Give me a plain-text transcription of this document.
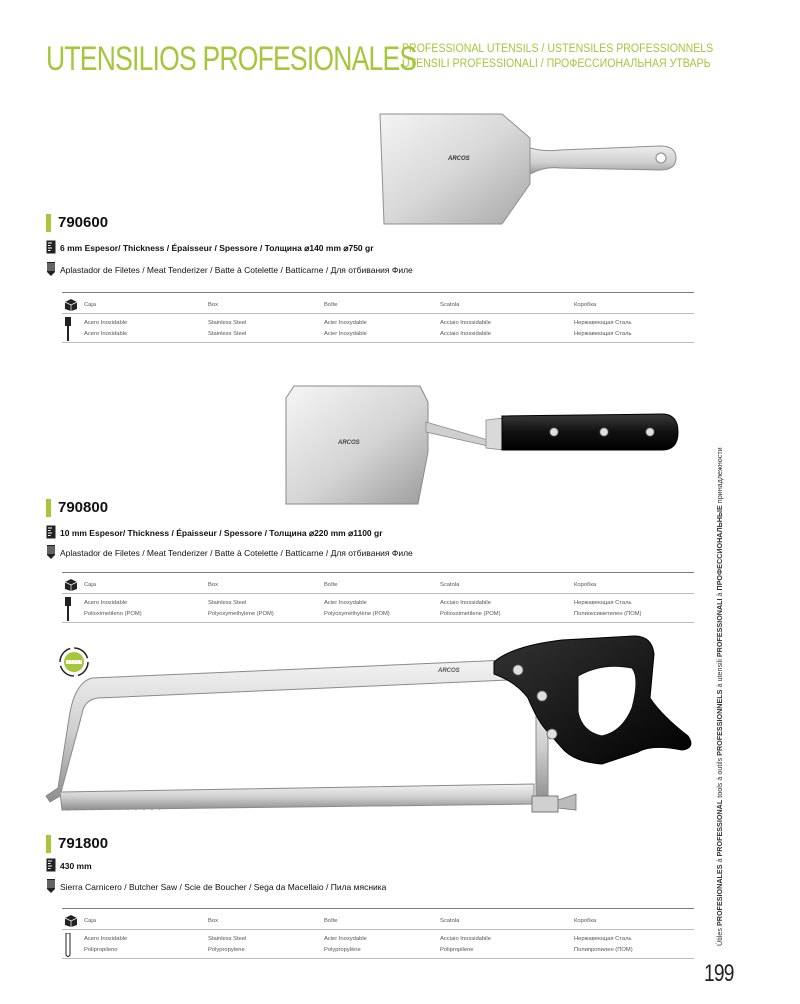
UTENSILIOS PROFESIONALES
PROFESSIONAL UTENSILS / USTENSILES PROFESSIONNELS
UTENSILI PROFESSIONALI / ПРОФЕССИОНАЛЬНАЯ УТВАРЬ
ARCOS
790600
6 mm Espesor/ Thickness / Épaisseur / Spessore / Толщина ⌀140 mm ⌀750 gr
Aplastador de Filetes / Meat Tenderizer / Batte à Cotelette / Batticarne / Для отбивания Филе
Caja	Box	Boîte	Scatola	Коробка
Acero Inoxidable	Stainless Steel	Acier Inoxydable	Acciaio Inossidabile	Нержавеющая Сталь
Acero Inoxidable	Stainless Steel	Acier Inoxydable	Acciaio Inossidabile	Нержавеющая Сталь
ARCOS
790800
10 mm Espesor/ Thickness / Épaisseur / Spessore / Толщина ⌀220 mm ⌀1100 gr
Aplastador de Filetes / Meat Tenderizer / Batte à Cotelette / Batticarne / Для отбивания Филе
Caja	Box	Boîte	Scatola	Коробка
Acero Inoxidable	Stainless Steel	Acier Inoxydable	Acciaio Inossidabile	Нержавеющая Сталь
Polioximetileno (POM)	Polyoxymethylene (POM)	Polyoxyméthylène (POM)	Poliossimetilene (POM)	Полиоксиметилен (ПОМ)
ARCOS
791800
430 mm
Sierra Carnicero / Butcher Saw / Scie de Boucher / Sega da Macellaio / Пила мясника
Caja	Box	Boîte	Scatola	Коробка
Acero Inoxidable	Stainless Steel	Acier Inoxydable	Acciaio Inossidabile	Нержавеющая Сталь
Polipropileno	Polypropylene	Polypropylène	Polipropilene	Полипропилен (ПОМ)
Útiles PROFESIONALES à PROFESSIONAL tools à outils PROFESSIONNELS à utensili PROFESSIONALI à ПРОФЕССИОНАЛЬНЫЕ принадлежности
199
